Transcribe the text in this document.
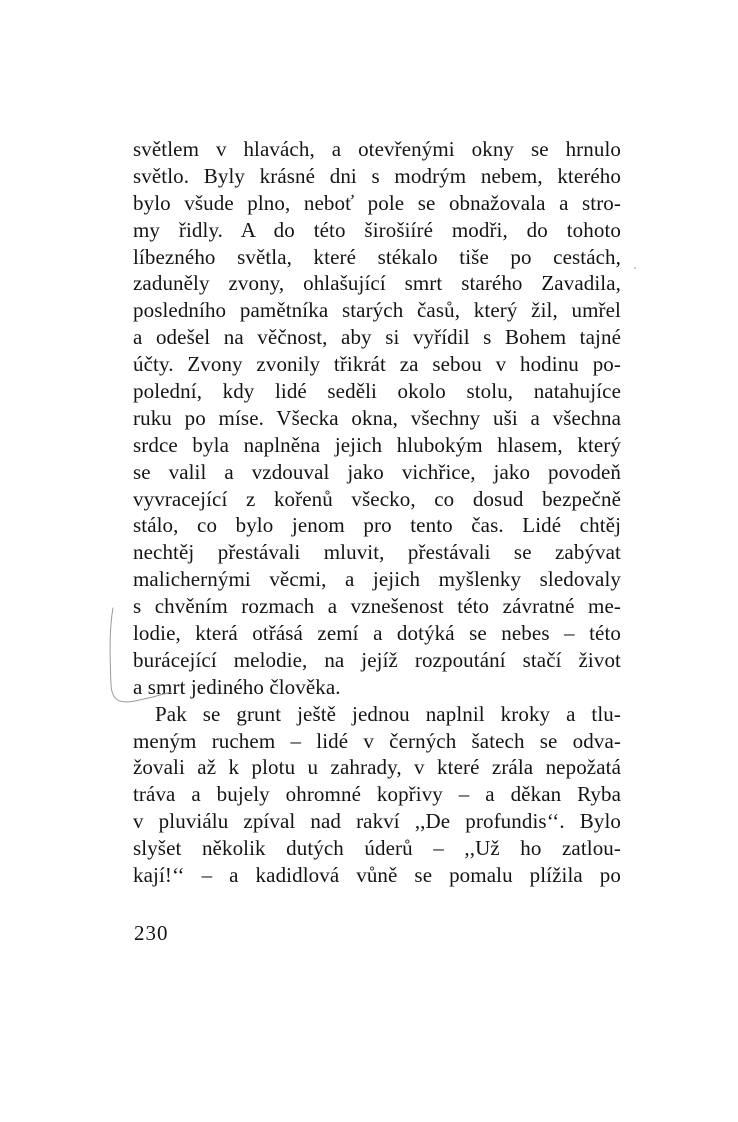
světlem v hlavách, a otevřenými okny se hrnulo
světlo. Byly krásné dni s modrým nebem, kterého
bylo všude plno, neboť pole se obnažovala a stro-
my řidly. A do této širošiíré modři, do tohoto
líbezného světla, které stékalo tiše po cestách,
zaduněly zvony, ohlašující smrt starého Zavadila,
posledního pamětníka starých časů, který žil, umřel
a odešel na věčnost, aby si vyřídil s Bohem tajné
účty. Zvony zvonily třikrát za sebou v hodinu po-
polední, kdy lidé seděli okolo stolu, natahujíce
ruku po míse. Všecka okna, všechny uši a všechna
srdce byla naplněna jejich hlubokým hlasem, který
se valil a vzdouval jako vichřice, jako povodeň
vyvracející z kořenů všecko, co dosud bezpečně
stálo, co bylo jenom pro tento čas. Lidé chtěj
nechtěj přestávali mluvit, přestávali se zabývat
malichernými věcmi, a jejich myšlenky sledovaly
s chvěním rozmach a vznešenost této závratné me-
lodie, která otřásá zemí a dotýká se nebes – této
burácející melodie, na jejíž rozpoutání stačí život
a smrt jediného člověka.
Pak se grunt ještě jednou naplnil kroky a tlu-
meným ruchem – lidé v černých šatech se odva-
žovali až k plotu u zahrady, v které zrála nepožatá
tráva a bujely ohromné kopřivy – a děkan Ryba
v pluviálu zpíval nad rakví ,,De profundis‘‘. Bylo
slyšet několik dutých úderů – ,,Už ho zatlou-
kají!‘‘ – a kadidlová vůně se pomalu plížila po
230
